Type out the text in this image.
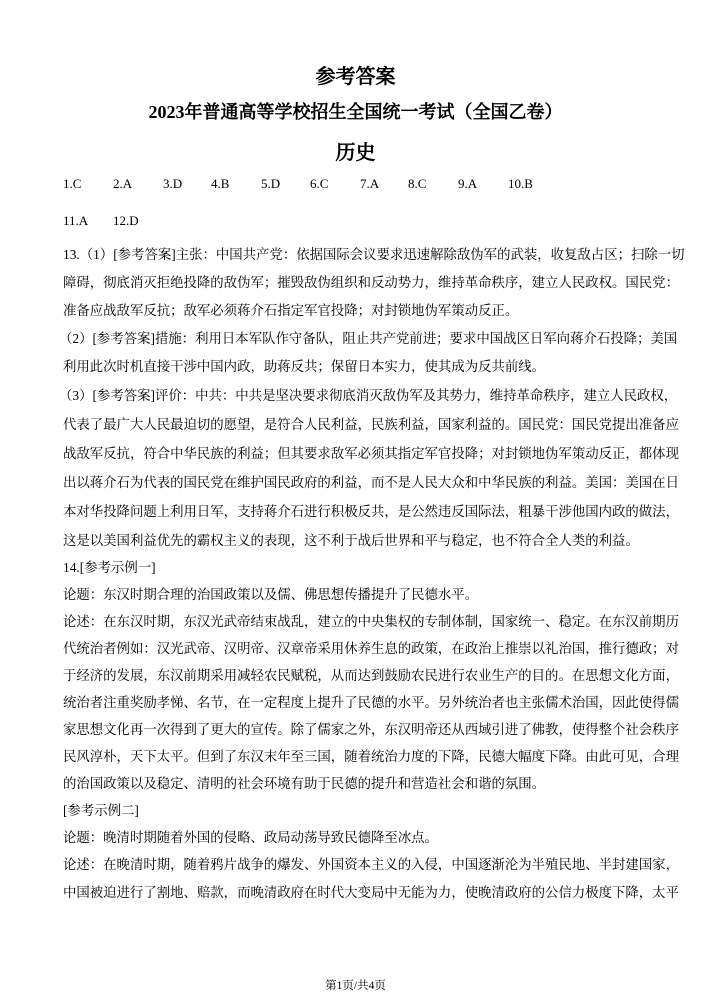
参考答案
2023年普通高等学校招生全国统一考试（全国乙卷）
历史
1.C 2.A 3.D 4.B 5.D 6.C 7.A 8.C 9.A 10.B
11.A 12.D
13.（1）[参考答案]主张：中国共产党：依据国际会议要求迅速解除敌伪军的武装，收复敌占区；扫除一切
障碍，彻底消灭拒绝投降的敌伪军；摧毁敌伪组织和反动势力，维持革命秩序，建立人民政权。国民党：
准备应战敌军反抗；敌军必须蒋介石指定军官投降；对封锁地伪军策动反正。
（2）[参考答案]措施：利用日本军队作守备队，阻止共产党前进；要求中国战区日军向蒋介石投降；美国
利用此次时机直接干涉中国内政，助蒋反共；保留日本实力，使其成为反共前线。
（3）[参考答案]评价：中共：中共是坚决要求彻底消灭敌伪军及其势力，维持革命秩序，建立人民政权，
代表了最广大人民最迫切的愿望，是符合人民利益，民族利益，国家利益的。国民党：国民党提出准备应
战敌军反抗，符合中华民族的利益；但其要求敌军必须其指定军官投降；对封锁地伪军策动反正，都体现
出以蒋介石为代表的国民党在维护国民政府的利益，而不是人民大众和中华民族的利益。美国：美国在日
本对华投降问题上利用日军，支持蒋介石进行积极反共，是公然违反国际法，粗暴干涉他国内政的做法，
这是以美国利益优先的霸权主义的表现，这不利于战后世界和平与稳定，也不符合全人类的利益。
14.[参考示例一]
论题：东汉时期合理的治国政策以及儒、佛思想传播提升了民德水平。
论述：在东汉时期，东汉光武帝结束战乱，建立的中央集权的专制体制，国家统一、稳定。在东汉前期历
代统治者例如：汉光武帝、汉明帝、汉章帝采用休养生息的政策，在政治上推崇以礼治国，推行德政；对
于经济的发展，东汉前期采用减轻农民赋税，从而达到鼓励农民进行农业生产的目的。在思想文化方面，
统治者注重奖励孝悌、名节，在一定程度上提升了民德的水平。另外统治者也主张儒术治国，因此使得儒
家思想文化再一次得到了更大的宣传。除了儒家之外，东汉明帝还从西域引进了佛教，使得整个社会秩序
民风淳朴，天下太平。但到了东汉末年至三国，随着统治力度的下降，民德大幅度下降。由此可见，合理
的治国政策以及稳定、清明的社会环境有助于民德的提升和营造社会和谐的氛围。
[参考示例二]
论题：晚清时期随着外国的侵略、政局动荡导致民德降至冰点。
论述：在晚清时期，随着鸦片战争的爆发、外国资本主义的入侵，中国逐渐沦为半殖民地、半封建国家，
中国被迫进行了割地、赔款，而晚清政府在时代大变局中无能为力，使晚清政府的公信力极度下降，太平
第1页/共4页
